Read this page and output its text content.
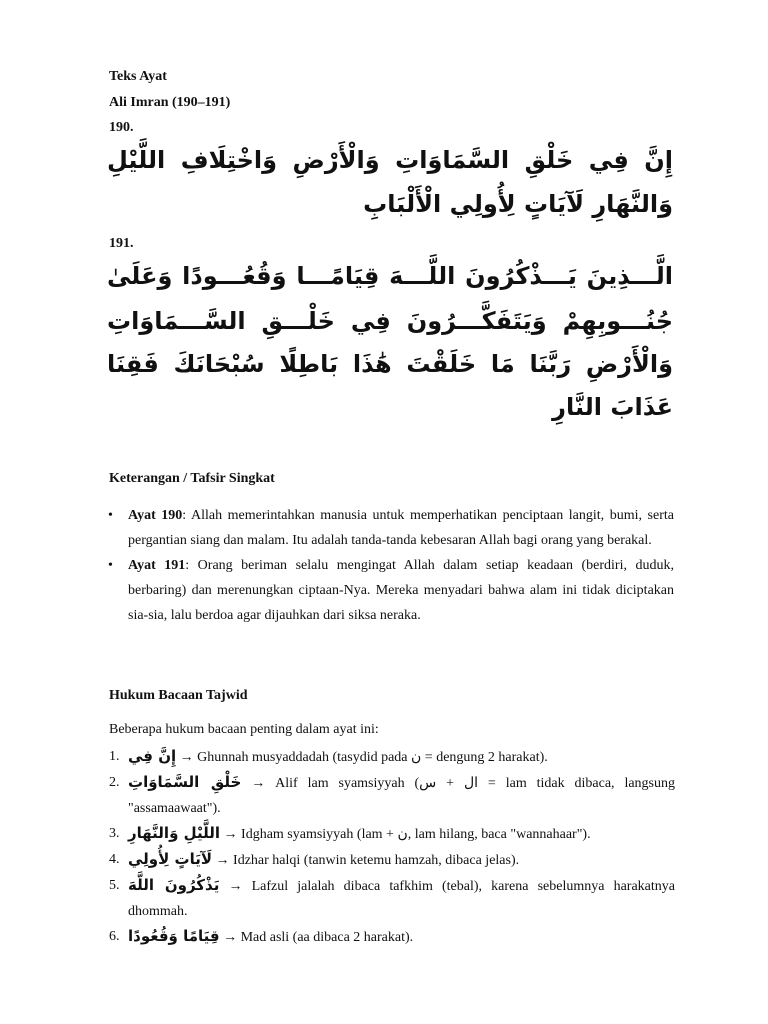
Teks Ayat
Ali Imran (190–191)
190.
إِنَّ فِي خَلْقِ السَّمَاوَاتِ وَالْأَرْضِ وَاخْتِلَافِ اللَّيْلِ
وَالنَّهَارِ لَآيَاتٍ لِأُولِي الْأَلْبَابِ
191.
الَّـــذِينَ يَـــذْكُرُونَ اللَّـــهَ قِيَامًـــا وَقُعُـــودًا وَعَلَىٰ
جُنُـــوبِهِمْ وَيَتَفَكَّـــرُونَ فِي خَلْـــقِ السَّـــمَاوَاتِ
وَالْأَرْضِ رَبَّنَا مَا خَلَقْتَ هَٰذَا بَاطِلًا سُبْحَانَكَ فَقِنَا
عَذَابَ النَّارِ
Keterangan / Tafsir Singkat
• Ayat 190: Allah memerintahkan manusia untuk memperhatikan penciptaan langit, bumi, serta pergantian siang dan malam. Itu adalah tanda-tanda kebesaran Allah bagi orang yang berakal.
• Ayat 191: Orang beriman selalu mengingat Allah dalam setiap keadaan (berdiri, duduk, berbaring) dan merenungkan ciptaan-Nya. Mereka menyadari bahwa alam ini tidak diciptakan sia-sia, lalu berdoa agar dijauhkan dari siksa neraka.
Hukum Bacaan Tajwid
Beberapa hukum bacaan penting dalam ayat ini:
1. إِنَّ فِي → Ghunnah musyaddadah (tasydid pada ن = dengung 2 harakat).
2. خَلْقِ السَّمَاوَاتِ → Alif lam syamsiyyah (ال + س = lam tidak dibaca, langsung "assamaawaat").
3. اللَّيْلِ وَالنَّهَارِ → Idgham syamsiyyah (lam + ن, lam hilang, baca "wannahaar").
4. لَآيَاتٍ لِأُولِي → Idzhar halqi (tanwin ketemu hamzah, dibaca jelas).
5. يَذْكُرُونَ اللَّهَ → Lafzul jalalah dibaca tafkhim (tebal), karena sebelumnya harakatnya dhommah.
6. قِيَامًا وَقُعُودًا → Mad asli (aa dibaca 2 harakat).
